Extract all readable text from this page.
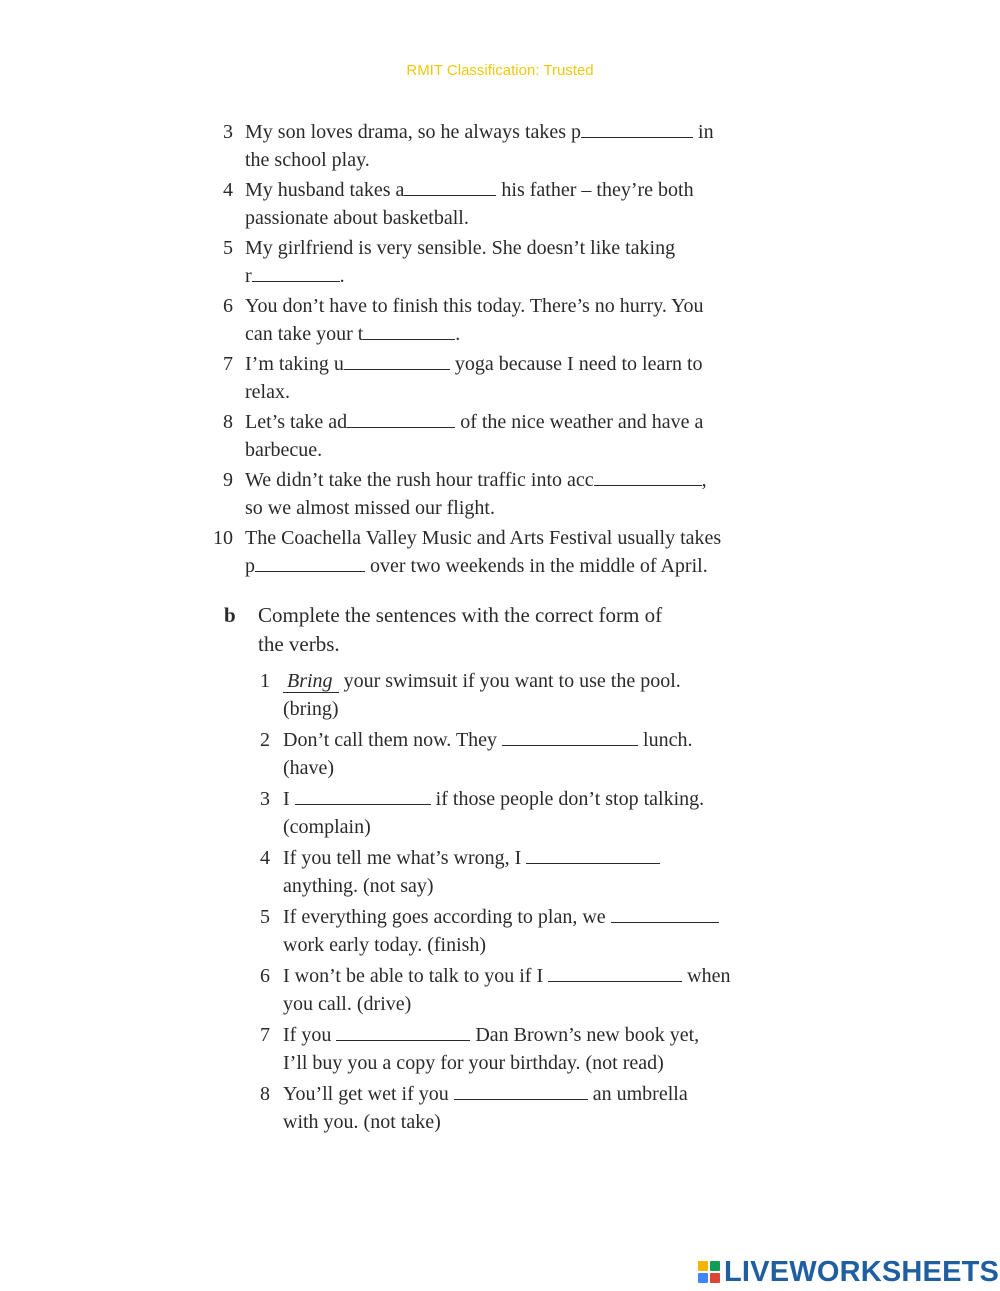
RMIT Classification: Trusted
3 My son loves drama, so he always takes p	in
the school play.
4 My husband takes a	his father – they’re both
passionate about basketball.
5 My girlfriend is very sensible. She doesn’t like taking
r	.
6 You don’t have to finish this today. There’s no hurry. You
can take your t	.
7 I’m taking u	yoga because I need to learn to
relax.
8 Let’s take ad	of the nice weather and have a
barbecue.
9 We didn’t take the rush hour traffic into acc	,
so we almost missed our flight.
10 The Coachella Valley Music and Arts Festival usually takes
p	over two weekends in the middle of April.
b Complete the sentences with the correct form of
the verbs.
1 Bring your swimsuit if you want to use the pool.
(bring)
2 Don’t call them now. They	lunch.
(have)
3 I	if those people don’t stop talking.
(complain)
4 If you tell me what’s wrong, I
anything. (not say)
5 If everything goes according to plan, we
work early today. (finish)
6 I won’t be able to talk to you if I	when
you call. (drive)
7 If you	Dan Brown’s new book yet,
I’ll buy you a copy for your birthday. (not read)
8 You’ll get wet if you	an umbrella
with you. (not take)
LIVEWORKSHEETS
